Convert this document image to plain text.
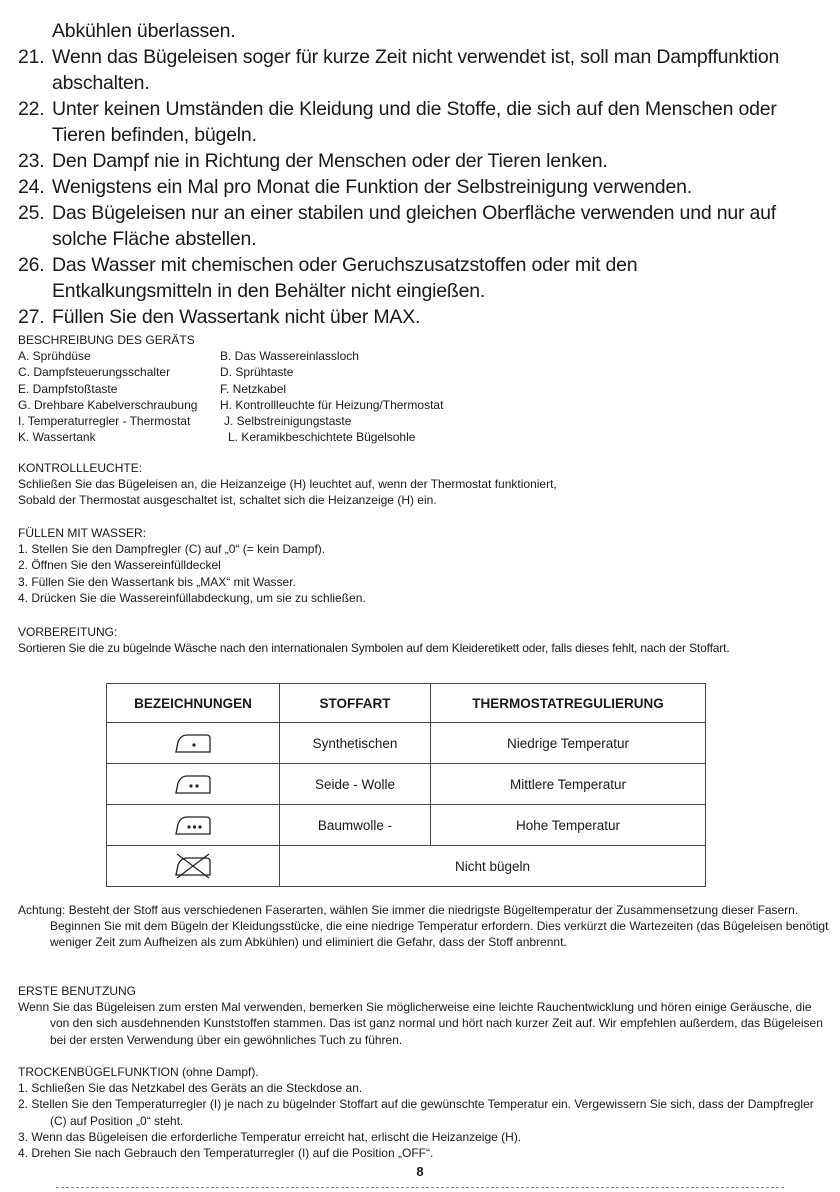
Abkühlen überlassen.
21. Wenn das Bügeleisen soger für kurze Zeit nicht verwendet ist, soll man Dampffunktion
abschalten.
22. Unter keinen Umständen die Kleidung und die Stoffe, die sich auf den Menschen oder
Tieren befinden, bügeln.
23. Den Dampf nie in Richtung der Menschen oder der Tieren lenken.
24. Wenigstens ein Mal pro Monat die Funktion der Selbstreinigung verwenden.
25. Das Bügeleisen nur an einer stabilen und gleichen Oberfläche verwenden und nur auf
solche Fläche abstellen.
26. Das Wasser mit chemischen oder Geruchszusatzstoffen oder mit den
Entkalkungsmitteln in den Behälter nicht eingießen.
27. Füllen Sie den Wassertank nicht über MAX.

BESCHREIBUNG DES GERÄTS

A. Sprühdüse	B. Das Wassereinlassloch
C. Dampfsteuerungsschalter	D. Sprühtaste
E. Dampfstoßtaste	F. Netzkabel
G. Drehbare Kabelverschraubung	H. Kontrollleuchte für Heizung/Thermostat
I. Temperaturregler - Thermostat	J. Selbstreinigungstaste
K. Wassertank	L. Keramikbeschichtete Bügelsohle

KONTROLLLEUCHTE:

Schließen Sie das Bügeleisen an, die Heizanzeige (H) leuchtet auf, wenn der Thermostat funktioniert,

Sobald der Thermostat ausgeschaltet ist, schaltet sich die Heizanzeige (H) ein.

FÜLLEN MIT WASSER:

1. Stellen Sie den Dampfregler (C) auf „0“ (= kein Dampf).

2. Öffnen Sie den Wassereinfülldeckel

3. Füllen Sie den Wassertank bis „MAX“ mit Wasser.

4. Drücken Sie die Wassereinfüllabdeckung, um sie zu schließen.

VORBEREITUNG:

Sortieren Sie die zu bügelnde Wäsche nach den internationalen Symbolen auf dem Kleideretikett oder, falls dieses fehlt, nach der Stoffart.

BEZEICHNUNGEN	STOFFART	THERMOSTATREGULIERUNG
	Synthetischen	Niedrige Temperatur
	Seide - Wolle	Mittlere Temperatur
	Baumwolle -	Hohe Temperatur
	Nicht bügeln	

Achtung: Besteht der Stoff aus verschiedenen Faserarten, wählen Sie immer die niedrigste Bügeltemperatur der Zusammensetzung dieser Fasern. Beginnen Sie mit dem Bügeln der Kleidungsstücke, die eine niedrige Temperatur erfordern. Dies verkürzt die Wartezeiten (das Bügeleisen benötigt weniger Zeit zum Aufheizen als zum Abkühlen) und eliminiert die Gefahr, dass der Stoff anbrennt.

ERSTE BENUTZUNG

Wenn Sie das Bügeleisen zum ersten Mal verwenden, bemerken Sie möglicherweise eine leichte Rauchentwicklung und hören einige Geräusche, die von den sich ausdehnenden Kunststoffen stammen. Das ist ganz normal und hört nach kurzer Zeit auf. Wir empfehlen außerdem, das Bügeleisen bei der ersten Verwendung über ein gewöhnliches Tuch zu führen.

TROCKENBÜGELFUNKTION (ohne Dampf).

1. Schließen Sie das Netzkabel des Geräts an die Steckdose an.

2. Stellen Sie den Temperaturregler (I) je nach zu bügelnder Stoffart auf die gewünschte Temperatur ein. Vergewissern Sie sich, dass der Dampfregler (C) auf Position „0“ steht.

3. Wenn das Bügeleisen die erforderliche Temperatur erreicht hat, erlischt die Heizanzeige (H).

4. Drehen Sie nach Gebrauch den Temperaturregler (I) auf die Position „OFF“.

8
